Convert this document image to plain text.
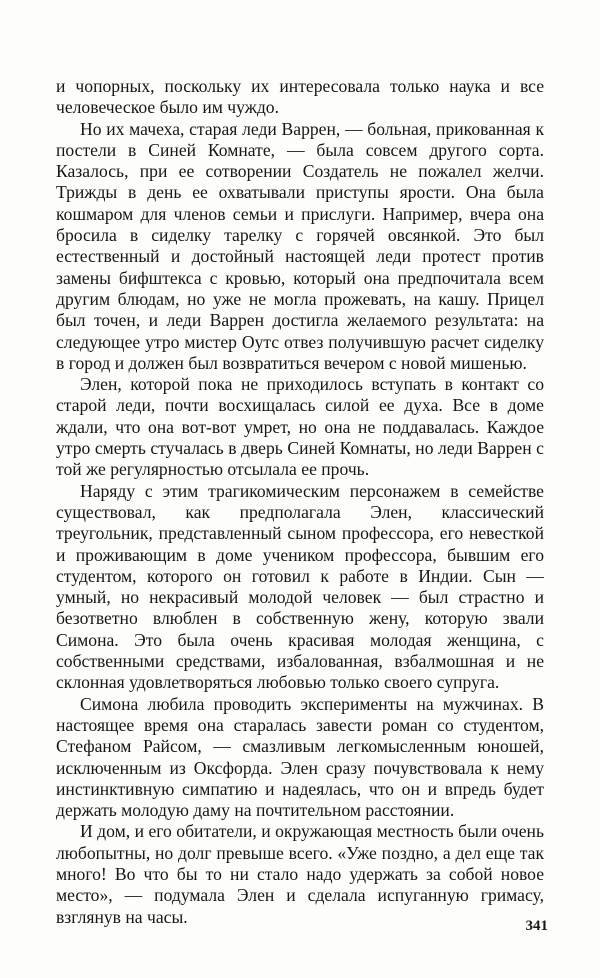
и чопорных, поскольку их интересовала только наука и все человеческое было им чуждо.

Но их мачеха, старая леди Варрен, — больная, прикованная к постели в Синей Комнате, — была совсем другого сорта. Казалось, при ее сотворении Создатель не пожалел желчи. Трижды в день ее охватывали приступы ярости. Она была кошмаром для членов семьи и прислуги. Например, вчера она бросила в сиделку тарелку с горячей овсянкой. Это был естественный и достойный настоящей леди протест против замены бифштекса с кровью, который она предпочитала всем другим блюдам, но уже не могла прожевать, на кашу. Прицел был точен, и леди Варрен достигла желаемого результата: на следующее утро мистер Оутс отвез получившую расчет сиделку в город и должен был возвратиться вечером с новой мишенью.

Элен, которой пока не приходилось вступать в контакт со старой леди, почти восхищалась силой ее духа. Все в доме ждали, что она вот-вот умрет, но она не поддавалась. Каждое утро смерть стучалась в дверь Синей Комнаты, но леди Варрен с той же регулярностью отсылала ее прочь.

Наряду с этим трагикомическим персонажем в семействе существовал, как предполагала Элен, классический треугольник, представленный сыном профессора, его невесткой и проживающим в доме учеником профессора, бывшим его студентом, которого он готовил к работе в Индии. Сын — умный, но некрасивый молодой человек — был страстно и безответно влюблен в собственную жену, которую звали Симона. Это была очень красивая молодая женщина, с собственными средствами, избалованная, взбалмошная и не склонная удовлетворяться любовью только своего супруга.

Симона любила проводить эксперименты на мужчинах. В настоящее время она старалась завести роман со студентом, Стефаном Райсом, — смазливым легкомысленным юношей, исключенным из Оксфорда. Элен сразу почувствовала к нему инстинктивную симпатию и надеялась, что он и впредь будет держать молодую даму на почтительном расстоянии.

И дом, и его обитатели, и окружающая местность были очень любопытны, но долг превыше всего. «Уже поздно, а дел еще так много! Во что бы то ни стало надо удержать за собой новое место», — подумала Элен и сделала испуганную гримасу, взглянув на часы.	341
